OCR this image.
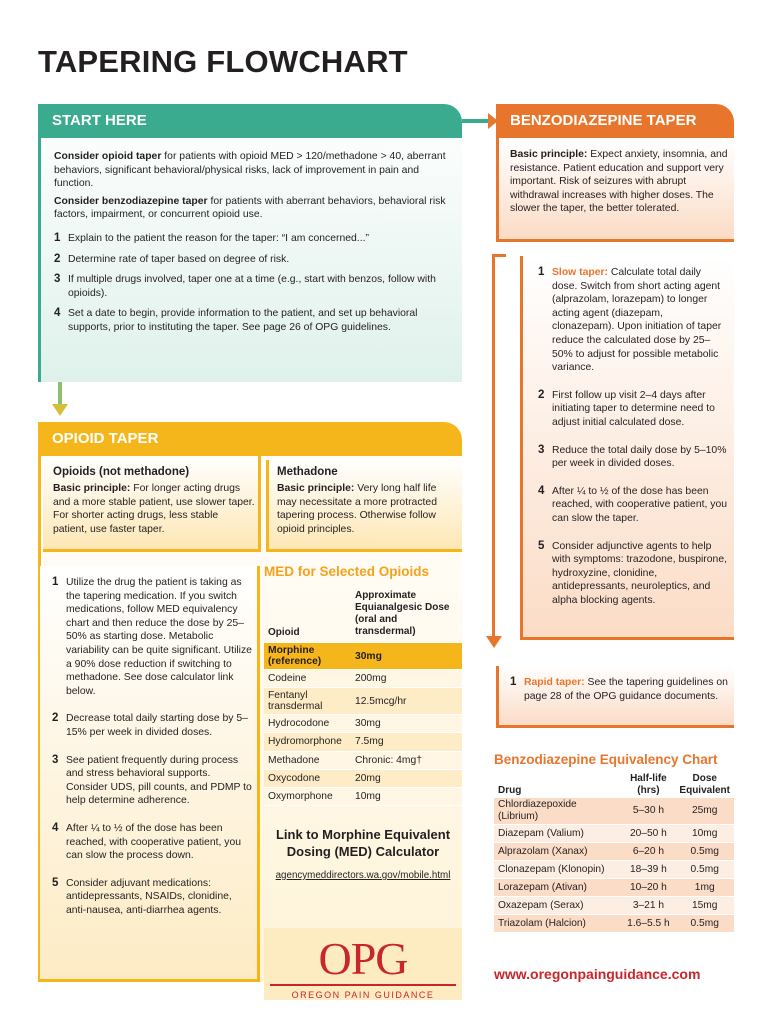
TAPERING FLOWCHART
START HERE

Consider opioid taper for patients with opioid MED > 120/methadone > 40, aberrant behaviors, significant behavioral/physical risks, lack of improvement in pain and function.

Consider benzodiazepine taper for patients with aberrant behaviors, behavioral risk factors, impairment, or concurrent opioid use.

1 Explain to the patient the reason for the taper: “I am concerned...”
2 Determine rate of taper based on degree of risk.
3 If multiple drugs involved, taper one at a time (e.g., start with benzos, follow with opioids).
4 Set a date to begin, provide information to the patient, and set up behavioral supports, prior to instituting the taper. See page 26 of OPG guidelines.
OPIOID TAPER
Opioids (not methadone)

Basic principle: For longer acting drugs and a more stable patient, use slower taper. For shorter acting drugs, less stable patient, use faster taper.

Methadone

Basic principle: Very long half life may necessitate a more protracted tapering process. Otherwise follow opioid principles.

1 Utilize the drug the patient is taking as the tapering medication. If you switch medications, follow MED equivalency chart and then reduce the dose by 25–50% as starting dose. Metabolic variability can be quite significant. Utilize a 90% dose reduction if switching to methadone. See dose calculator link below.
2 Decrease total daily starting dose by 5–15% per week in divided doses.
3 See patient frequently during process and stress behavioral supports. Consider UDS, pill counts, and PDMP to help determine adherence.
4 After ¼ to ½ of the dose has been reached, with cooperative patient, you can slow the process down.
5 Consider adjuvant medications: antidepressants, NSAIDs, clonidine, anti-nausea, anti-diarrhea agents.
MED for Selected Opioids
Opioid	Approximate Equianalgesic Dose (oral and transdermal)
Morphine (reference)	30mg
Codeine	200mg
Fentanyl transdermal	12.5mcg/hr
Hydrocodone	30mg
Hydromorphone	7.5mg
Methadone	Chronic: 4mg†
Oxycodone	20mg
Oxymorphone	10mg
Link to Morphine Equivalent Dosing (MED) Calculator
agencymeddirectors.wa.gov/mobile.html
OPG
OREGON PAIN GUIDANCE
BENZODIAZEPINE TAPER

Basic principle: Expect anxiety, insomnia, and resistance. Patient education and support very important. Risk of seizures with abrupt withdrawal increases with higher doses. The slower the taper, the better tolerated.

1 Slow taper: Calculate total daily dose. Switch from short acting agent (alprazolam, lorazepam) to longer acting agent (diazepam, clonazepam). Upon initiation of taper reduce the calculated dose by 25–50% to adjust for possible metabolic variance.
2 First follow up visit 2–4 days after initiating taper to determine need to adjust initial calculated dose.
3 Reduce the total daily dose by 5–10% per week in divided doses.
4 After ¼ to ½ of the dose has been reached, with cooperative patient, you can slow the taper.
5 Consider adjunctive agents to help with symptoms: trazodone, buspirone, hydroxyzine, clonidine, antidepressants, neuroleptics, and alpha blocking agents.
1 Rapid taper: See the tapering guidelines on page 28 of the OPG guidance documents.
Benzodiazepine Equivalency Chart
Drug	Half-life (hrs)	Dose Equivalent
Chlordiazepoxide (Librium)	5–30 h	25mg
Diazepam (Valium)	20–50 h	10mg
Alprazolam (Xanax)	6–20 h	0.5mg
Clonazepam (Klonopin)	18–39 h	0.5mg
Lorazepam (Ativan)	10–20 h	1mg
Oxazepam (Serax)	3–21 h	15mg
Triazolam (Halcion)	1.6–5.5 h	0.5mg
www.oregonpainguidance.com
